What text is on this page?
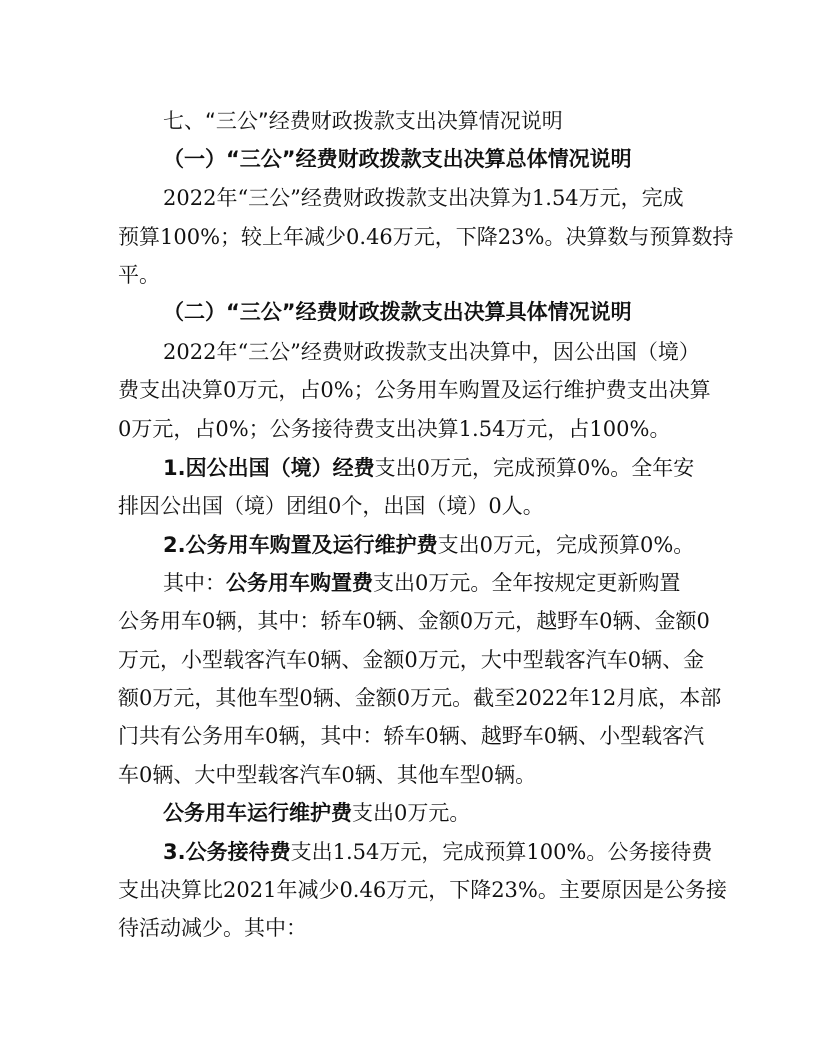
七、“三公”经费财政拨款支出决算情况说明
（一）“三公”经费财政拨款支出决算总体情况说明
2022年“三公”经费财政拨款支出决算为1.54万元，完成
预算100%；较上年减少0.46万元，下降23%。决算数与预算数持
平。
（二）“三公”经费财政拨款支出决算具体情况说明
2022年“三公”经费财政拨款支出决算中，因公出国（境）
费支出决算0万元，占0%；公务用车购置及运行维护费支出决算
0万元，占0%；公务接待费支出决算1.54万元，占100%。
1.因公出国（境）经费支出0万元，完成预算0%。全年安
排因公出国（境）团组0个，出国（境）0人。
2.公务用车购置及运行维护费支出0万元，完成预算0%。
其中：公务用车购置费支出0万元。全年按规定更新购置
公务用车0辆，其中：轿车0辆、金额0万元，越野车0辆、金额0
万元，小型载客汽车0辆、金额0万元，大中型载客汽车0辆、金
额0万元，其他车型0辆、金额0万元。截至2022年12月底，本部
门共有公务用车0辆，其中：轿车0辆、越野车0辆、小型载客汽
车0辆、大中型载客汽车0辆、其他车型0辆。
公务用车运行维护费支出0万元。
3.公务接待费支出1.54万元，完成预算100%。公务接待费
支出决算比2021年减少0.46万元，下降23%。主要原因是公务接
待活动减少。其中：
